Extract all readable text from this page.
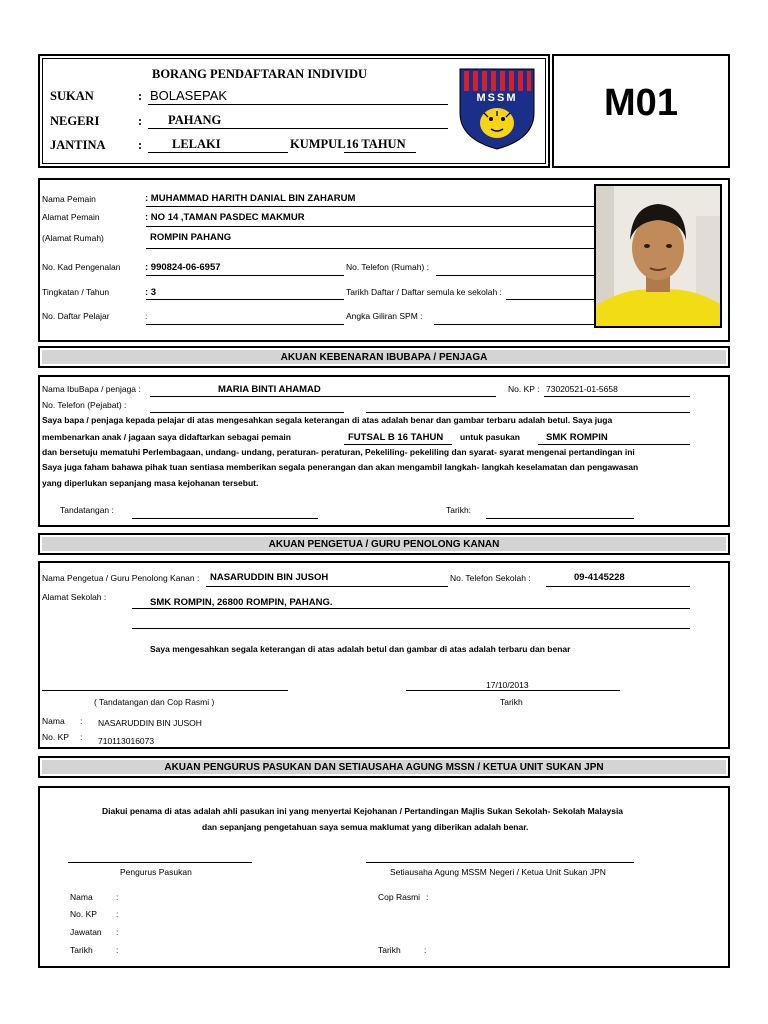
BORANG PENDAFTARAN INDIVIDU
SUKAN	: BOLASEPAK
NEGERI	: PAHANG
JANTINA	: LELAKI	KUMPUL 16 TAHUN
MSSM	M01
Nama Pemain	: MUHAMMAD HARITH DANIAL BIN ZAHARUM
Alamat Pemain	: NO 14 ,TAMAN PASDEC MAKMUR
(Alamat Rumah)	ROMPIN PAHANG
No. Kad Pengenalan	: 990824-06-6957	No. Telefon (Rumah) :
Tingkatan / Tahun	: 3	Tarikh Daftar / Daftar semula ke sekolah :
No. Daftar Pelajar	:	Angka Giliran SPM :
AKUAN KEBENARAN IBUBAPA / PENJAGA
Nama IbuBapa / penjaga :	MARIA BINTI AHAMAD	No. KP : 73020521-01-5658
No. Telefon (Pejabat) :
Saya bapa / penjaga kepada pelajar di atas mengesahkan segala keterangan di atas adalah benar dan gambar terbaru adalah betul. Saya juga
membenarkan anak / jagaan saya didaftarkan sebagai pemain	FUTSAL B 16 TAHUN untuk pasukan	SMK ROMPIN
dan bersetuju mematuhi Perlembagaan, undang- undang, peraturan- peraturan, Pekeliling- pekeliling dan syarat- syarat mengenai pertandingan ini
Saya juga faham bahawa pihak tuan sentiasa memberikan segala penerangan dan akan mengambil langkah- langkah keselamatan dan pengawasan
yang diperlukan sepanjang masa kejohanan tersebut.
Tandatangan :	Tarikh:
AKUAN PENGETUA / GURU PENOLONG KANAN
Nama Pengetua / Guru Penolong Kanan : NASARUDDIN BIN JUSOH	No. Telefon Sekolah :	09-4145228
Alamat Sekolah :	SMK ROMPIN, 26800 ROMPIN, PAHANG.
Saya mengesahkan segala keterangan di atas adalah betul dan gambar di atas adalah terbaru dan benar
17/10/2013
( Tandatangan dan Cop Rasmi )	Tarikh
Nama : NASARUDDIN BIN JUSOH
No. KP : 710113016073
AKUAN PENGURUS PASUKAN DAN SETIAUSAHA AGUNG MSSN / KETUA UNIT SUKAN JPN
Diakui penama di atas adalah ahli pasukan ini yang menyertai Kejohanan / Pertandingan Majlis Sukan Sekolah- Sekolah Malaysia
dan sepanjang pengetahuan saya semua maklumat yang diberikan adalah benar.
Pengurus Pasukan	Setiausaha Agung MSSM Negeri / Ketua Unit Sukan JPN
Nama	:
No. KP :
Jawatan :
Tarikh	:
Cop Rasmi :
Tarikh	:
